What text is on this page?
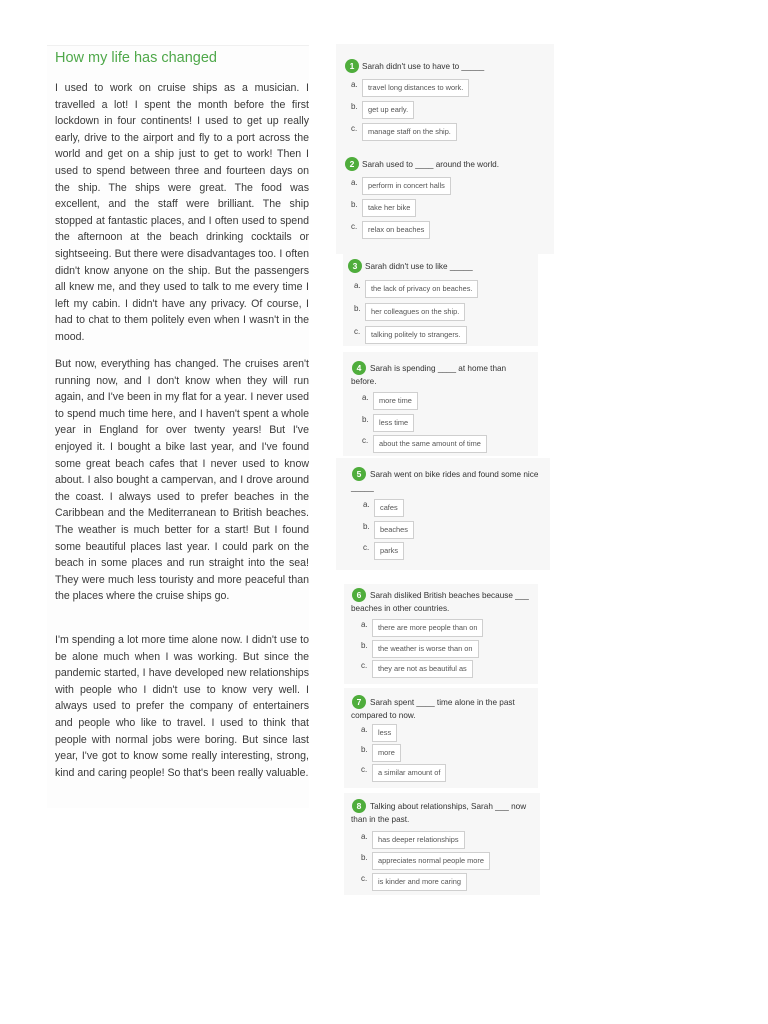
How my life has changed

I used to work on cruise ships as a musician. I travelled a lot! I spent the month before the first lockdown in four continents! I used to get up really early, drive to the airport and fly to a port across the world and get on a ship just to get to work! Then I used to spend between three and fourteen days on the ship. The ships were great. The food was excellent, and the staff were brilliant. The ship stopped at fantastic places, and I often used to spend the afternoon at the beach drinking cocktails or sightseeing. But there were disadvantages too. I often didn't know anyone on the ship. But the passengers all knew me, and they used to talk to me every time I left my cabin. I didn't have any privacy. Of course, I had to chat to them politely even when I wasn't in the mood.

But now, everything has changed. The cruises aren't running now, and I don't know when they will run again, and I've been in my flat for a year. I never used to spend much time here, and I haven't spent a whole year in England for over twenty years! But I've enjoyed it. I bought a bike last year, and I've found some great beach cafes that I never used to know about. I also bought a campervan, and I drove around the coast. I always used to prefer beaches in the Caribbean and the Mediterranean to British beaches. The weather is much better for a start! But I found some beautiful places last year. I could park on the beach in some places and run straight into the sea! They were much less touristy and more peaceful than the places where the cruise ships go.

I'm spending a lot more time alone now. I didn't use to be alone much when I was working. But since the pandemic started, I have developed new relationships with people who I didn't use to know very well. I always used to prefer the company of entertainers and people who like to travel. I used to think that people with normal jobs were boring. But since last year, I've got to know some really interesting, strong, kind and caring people! So that's been really valuable.

1 Sarah didn't use to have to _____

a.	travel long distances to work.
b.	get up early.
c.	manage staff on the ship.
2 Sarah used to ____ around the world.

a.	perform in concert halls
b.	take her bike
c.	relax on beaches
3 Sarah didn't use to like _____

a.	the lack of privacy on beaches.
b.	her colleagues on the ship.
c.	talking politely to strangers.
4	Sarah is spending ____ at home than before.

a.	more time
b.	less time
c.	about the same amount of time
5	Sarah went on bike rides and found some nice _____

a.	cafes
b.	beaches
c.	parks
6	Sarah disliked British beaches because ___ beaches in other countries.

a.	there are more people than on
b.	the weather is worse than on
c.	they are not as beautiful as
7	Sarah spent ____ time alone in the past compared to now.

a.	less
b.	more
c.	a similar amount of
8	Talking about relationships, Sarah ___ now than in the past.

a.	has deeper relationships
b.	appreciates normal people more
c.	is kinder and more caring
